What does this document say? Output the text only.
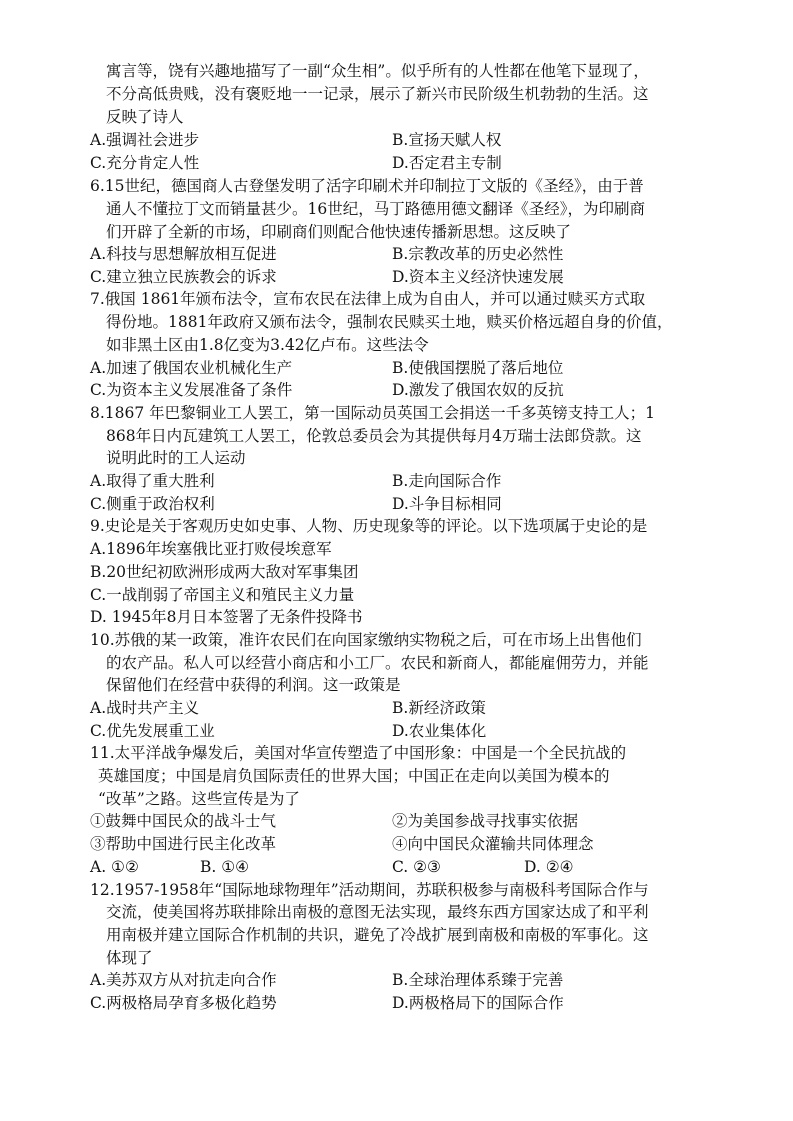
寓言等，饶有兴趣地描写了一副“众生相”。似乎所有的人性都在他笔下显现了，
不分高低贵贱，没有褒贬地一一记录，展示了新兴市民阶级生机勃勃的生活。这
反映了诗人
A.强调社会进步	B.宣扬天赋人权
C.充分肯定人性	D.否定君主专制
6.15世纪，德国商人古登堡发明了活字印刷术并印制拉丁文版的《圣经》，由于普
通人不懂拉丁文而销量甚少。16世纪，马丁路德用德文翻译《圣经》，为印刷商
们开辟了全新的市场，印刷商们则配合他快速传播新思想。这反映了
A.科技与思想解放相互促进	B.宗教改革的历史必然性
C.建立独立民族教会的诉求	D.资本主义经济快速发展
7.俄国 1861年颁布法令，宣布农民在法律上成为自由人，并可以通过赎买方式取
得份地。1881年政府又颁布法令，强制农民赎买土地，赎买价格远超自身的价值，
如非黑土区由1.8亿变为3.42亿卢布。这些法令
A.加速了俄国农业机械化生产	B.使俄国摆脱了落后地位
C.为资本主义发展准备了条件	D.激发了俄国农奴的反抗
8.1867 年巴黎铜业工人罢工，第一国际动员英国工会捐送一千多英镑支持工人；1
868年日内瓦建筑工人罢工，伦敦总委员会为其提供每月4万瑞士法郎贷款。这
说明此时的工人运动
A.取得了重大胜利	B.走向国际合作
C.侧重于政治权利	D.斗争目标相同
9.史论是关于客观历史如史事、人物、历史现象等的评论。以下选项属于史论的是
A.1896年埃塞俄比亚打败侵埃意军
B.20世纪初欧洲形成两大敌对军事集团
C.一战削弱了帝国主义和殖民主义力量
D. 1945年8月日本签署了无条件投降书
10.苏俄的某一政策，准许农民们在向国家缴纳实物税之后，可在市场上出售他们
的农产品。私人可以经营小商店和小工厂。农民和新商人，都能雇佣劳力，并能
保留他们在经营中获得的利润。这一政策是
A.战时共产主义	B.新经济政策
C.优先发展重工业	D.农业集体化
11.太平洋战争爆发后，美国对华宣传塑造了中国形象：中国是一个全民抗战的
英雄国度；中国是肩负国际责任的世界大国；中国正在走向以美国为模本的
“改革”之路。这些宣传是为了
①鼓舞中国民众的战斗士气	②为美国参战寻找事实依据
③帮助中国进行民主化改革	④向中国民众灌输共同体理念
A. ①②	B. ①④	C. ②③	D. ②④
12.1957-1958年“国际地球物理年”活动期间，苏联积极参与南极科考国际合作与
交流，使美国将苏联排除出南极的意图无法实现，最终东西方国家达成了和平利
用南极并建立国际合作机制的共识，避免了冷战扩展到南极和南极的军事化。这
体现了
A.美苏双方从对抗走向合作	B.全球治理体系臻于完善
C.两极格局孕育多极化趋势	D.两极格局下的国际合作
